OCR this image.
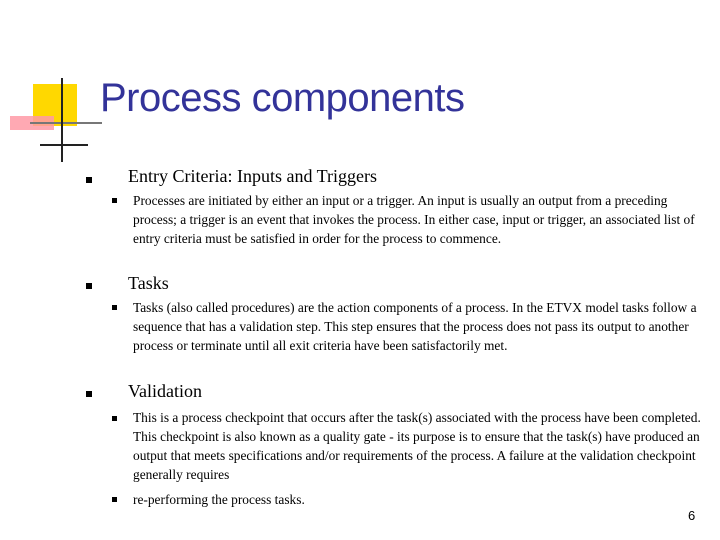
Process components
Entry Criteria: Inputs and Triggers
Processes are initiated by either an input or a trigger. An input is usually an output from a preceding process; a trigger is an event that invokes the process. In either case, input or trigger, an associated list of entry criteria must be satisfied in order for the process to commence.
Tasks
Tasks (also called procedures) are the action components of a process. In the ETVX model tasks follow a sequence that has a validation step. This step ensures that the process does not pass its output to another process or terminate until all exit criteria have been satisfactorily met.
Validation
This is a process checkpoint that occurs after the task(s) associated with the process have been completed. This checkpoint is also known as a quality gate - its purpose is to ensure that the task(s) have produced an output that meets specifications and/or requirements of the process. A failure at the validation checkpoint generally requires
re-performing the process tasks.
6
